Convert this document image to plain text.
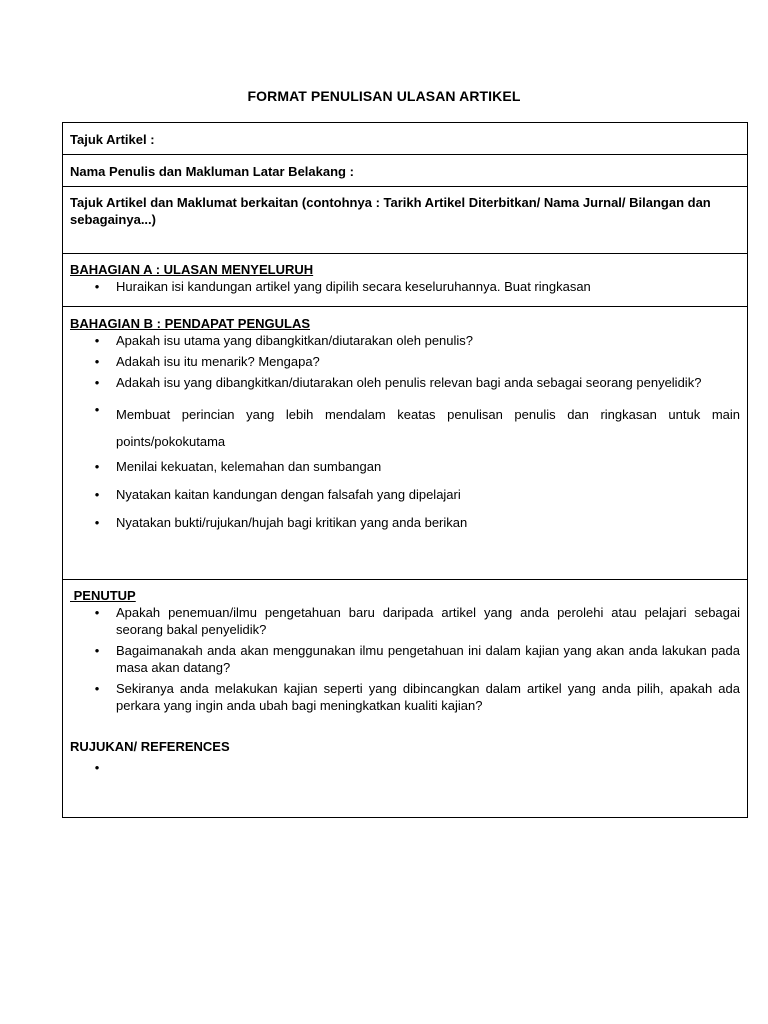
FORMAT PENULISAN ULASAN ARTIKEL
Tajuk Artikel :
Nama Penulis dan Makluman Latar Belakang :
Tajuk Artikel dan Maklumat berkaitan (contohnya : Tarikh Artikel Diterbitkan/ Nama Jurnal/ Bilangan dan sebagainya...)
BAHAGIAN A : ULASAN MENYELURUH
• Huraikan isi kandungan artikel yang dipilih secara keseluruhannya. Buat ringkasan
BAHAGIAN B : PENDAPAT PENGULAS
• Apakah isu utama yang dibangkitkan/diutarakan oleh penulis?
• Adakah isu itu menarik? Mengapa?
• Adakah isu yang dibangkitkan/diutarakan oleh penulis relevan bagi anda sebagai seorang penyelidik?
• Membuat perincian yang lebih mendalam keatas penulisan penulis dan ringkasan untuk main points/pokokutama
• Menilai kekuatan, kelemahan dan sumbangan
• Nyatakan kaitan kandungan dengan falsafah yang dipelajari
• Nyatakan bukti/rujukan/hujah bagi kritikan yang anda berikan
PENUTUP
• Apakah penemuan/ilmu pengetahuan baru daripada artikel yang anda perolehi atau pelajari sebagai seorang bakal penyelidik?
• Bagaimanakah anda akan menggunakan ilmu pengetahuan ini dalam kajian yang akan anda lakukan pada masa akan datang?
• Sekiranya anda melakukan kajian seperti yang dibincangkan dalam artikel yang anda pilih, apakah ada perkara yang ingin anda ubah bagi meningkatkan kualiti kajian?
RUJUKAN/ REFERENCES
•
